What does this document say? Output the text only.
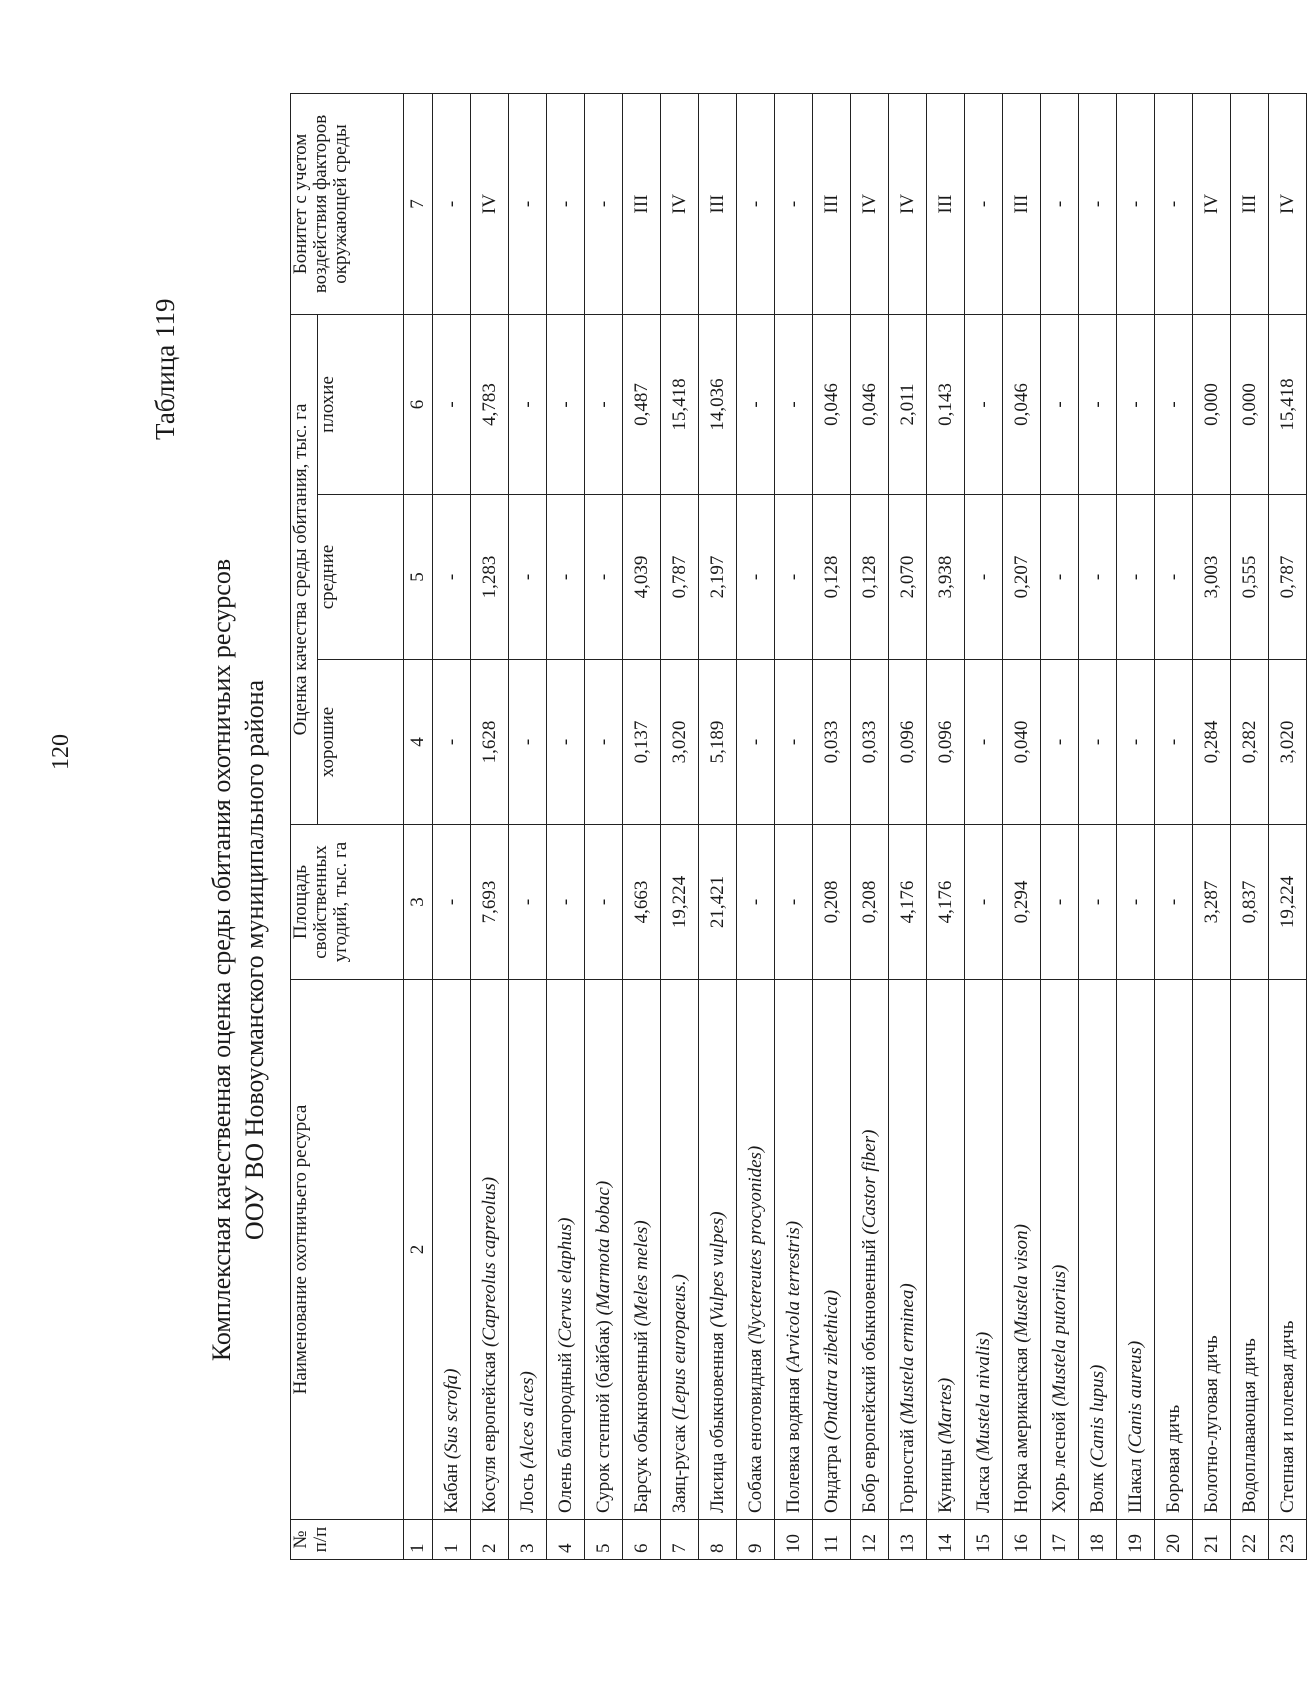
120
Таблица 119
Комплексная качественная оценка среды обитания охотничьих ресурсов ООУ ВО Новоусманского муниципального района
№ п/п	Наименование охотничьего ресурса	Площадь свойственных угодий, тыс. га	Оценка качества среды обитания, тыс. га			Бонитет с учетом воздействия факторов окружающей среды
			хорошие	средние	плохие	
1	2	3	4	5	6	7
1	Кабан (Sus scrofa)	-	-	-	-	-
2	Косуля европейская (Capreolus capreolus)	7,693	1,628	1,283	4,783	IV
3	Лось (Alces alces)	-	-	-	-	-
4	Олень благородный (Cervus elaphus)	-	-	-	-	-
5	Сурок степной (байбак) (Marmota bobac)	-	-	-	-	-
6	Барсук обыкновенный (Meles meles)	4,663	0,137	4,039	0,487	III
7	Заяц-русак (Lepus europaeus.)	19,224	3,020	0,787	15,418	IV
8	Лисица обыкновенная (Vulpes vulpes)	21,421	5,189	2,197	14,036	III
9	Собака енотовидная (Nyctereutes procyonides)	-	-	-	-	-
10	Полевка водяная (Arvicola terrestris)	-	-	-	-	-
11	Ондатра (Ondatra zibethica)	0,208	0,033	0,128	0,046	III
12	Бобр европейский обыкновенный (Castor fiber)	0,208	0,033	0,128	0,046	IV
13	Горностай (Mustela erminea)	4,176	0,096	2,070	2,011	IV
14	Куницы (Martes)	4,176	0,096	3,938	0,143	III
15	Ласка (Mustela nivalis)	-	-	-	-	-
16	Норка американская (Mustela vison)	0,294	0,040	0,207	0,046	III
17	Хорь лесной (Mustela putorius)	-	-	-	-	-
18	Волк (Canis lupus)	-	-	-	-	-
19	Шакал (Canis aureus)	-	-	-	-	-
20	Боровая дичь	-	-	-	-	-
21	Болотно-луговая дичь	3,287	0,284	3,003	0,000	IV
22	Водоплавающая дичь	0,837	0,282	0,555	0,000	III
23	Степная и полевая дичь	19,224	3,020	0,787	15,418	IV
